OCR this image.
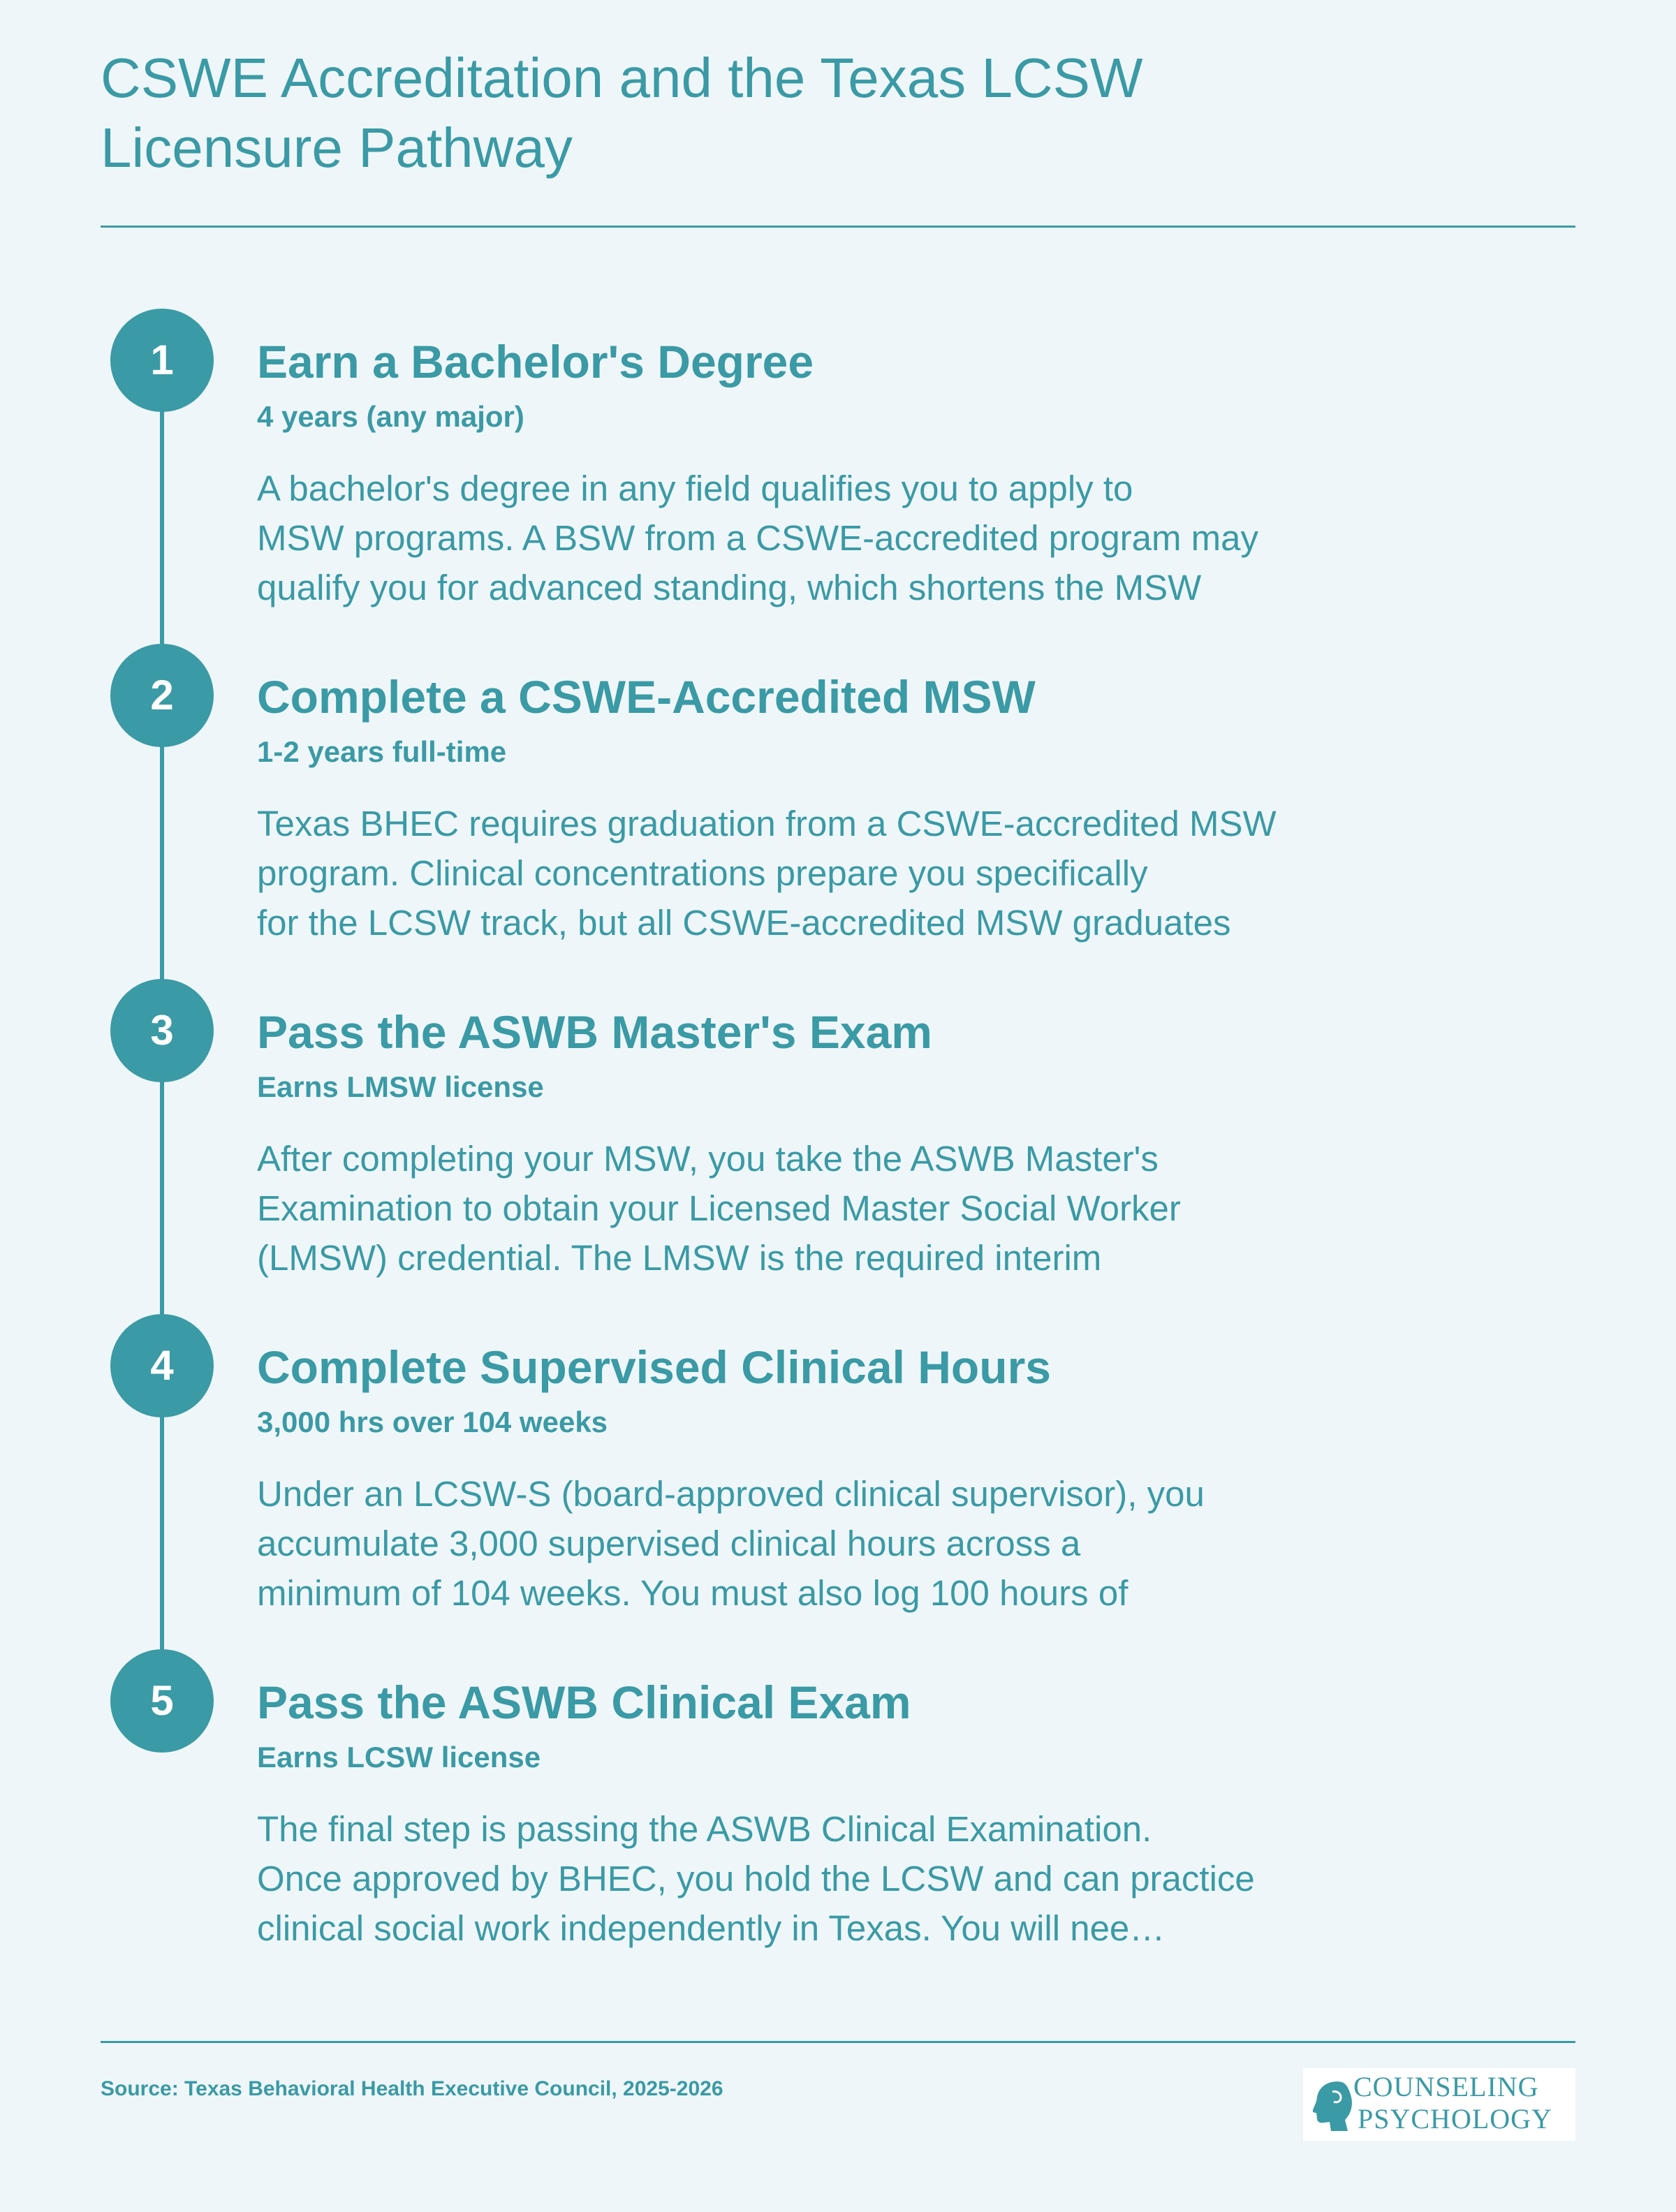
CSWE Accreditation and the Texas LCSW
Licensure Pathway
1	Earn a Bachelor's Degree
4 years (any major)
A bachelor's degree in any field qualifies you to apply to
MSW programs. A BSW from a CSWE-accredited program may
qualify you for advanced standing, which shortens the MSW
2	Complete a CSWE-Accredited MSW
1-2 years full-time
Texas BHEC requires graduation from a CSWE-accredited MSW
program. Clinical concentrations prepare you specifically
for the LCSW track, but all CSWE-accredited MSW graduates
3	Pass the ASWB Master's Exam
Earns LMSW license
After completing your MSW, you take the ASWB Master's
Examination to obtain your Licensed Master Social Worker
(LMSW) credential. The LMSW is the required interim
4	Complete Supervised Clinical Hours
3,000 hrs over 104 weeks
Under an LCSW-S (board-approved clinical supervisor), you
accumulate 3,000 supervised clinical hours across a
minimum of 104 weeks. You must also log 100 hours of
5	Pass the ASWB Clinical Exam
Earns LCSW license
The final step is passing the ASWB Clinical Examination.
Once approved by BHEC, you hold the LCSW and can practice
clinical social work independently in Texas. You will nee…
Source: Texas Behavioral Health Executive Council, 2025-2026	COUNSELING
PSYCHOLOGY
